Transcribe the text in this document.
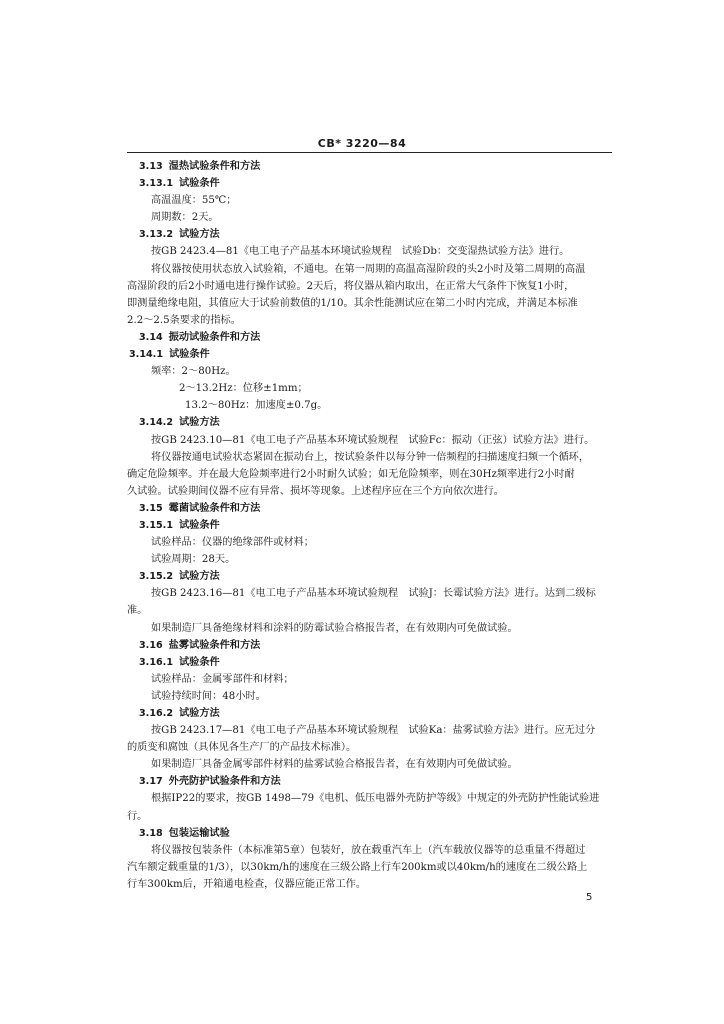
CB* 3220—84
3.13 湿热试验条件和方法
3.13.1 试验条件
高温温度：55℃；
周期数：2天。
3.13.2 试验方法
按GB 2423.4—81《电工电子产品基本环境试验规程　试验Db：交变湿热试验方法》进行。
将仪器按使用状态放入试验箱，不通电。在第一周期的高温高湿阶段的头2小时及第二周期的高温
高湿阶段的后2小时通电进行操作试验。2天后，将仪器从箱内取出，在正常大气条件下恢复1小时，
即测量绝缘电阻，其值应大于试验前数值的1/10。其余性能测试应在第二小时内完成，并满足本标准
2.2～2.5条要求的指标。
3.14 振动试验条件和方法
3.14.1 试验条件
频率：2～80Hz。
2～13.2Hz：位移±1mm；
13.2～80Hz：加速度±0.7g。
3.14.2 试验方法
按GB 2423.10—81《电工电子产品基本环境试验规程　试验Fc：振动（正弦）试验方法》进行。
将仪器按通电试验状态紧固在振动台上，按试验条件以每分钟一倍频程的扫描速度扫频一个循环，
确定危险频率。并在最大危险频率进行2小时耐久试验；如无危险频率，则在30Hz频率进行2小时耐
久试验。试验期间仪器不应有异常、损坏等现象。上述程序应在三个方向依次进行。
3.15 霉菌试验条件和方法
3.15.1 试验条件
试验样品：仪器的绝缘部件或材料；
试验周期：28天。
3.15.2 试验方法
按GB 2423.16—81《电工电子产品基本环境试验规程　试验J：长霉试验方法》进行。达到二级标
准。
如果制造厂具备绝缘材料和涂料的防霉试验合格报告者，在有效期内可免做试验。
3.16 盐雾试验条件和方法
3.16.1 试验条件
试验样品：金属零部件和材料；
试验持续时间：48小时。
3.16.2 试验方法
按GB 2423.17—81《电工电子产品基本环境试验规程　试验Ka：盐雾试验方法》进行。应无过分
的质变和腐蚀（具体见各生产厂的产品技术标准）。
如果制造厂具备金属零部件材料的盐雾试验合格报告者，在有效期内可免做试验。
3.17 外壳防护试验条件和方法
根据IP22的要求，按GB 1498—79《电机、低压电器外壳防护等级》中规定的外壳防护性能试验进
行。
3.18 包装运输试验
将仪器按包装条件（本标准第5章）包装好，放在载重汽车上（汽车载放仪器等的总重量不得超过
汽车额定载重量的1/3），以30km/h的速度在三级公路上行车200km或以40km/h的速度在二级公路上
行车300km后，开箱通电检查，仪器应能正常工作。
5
